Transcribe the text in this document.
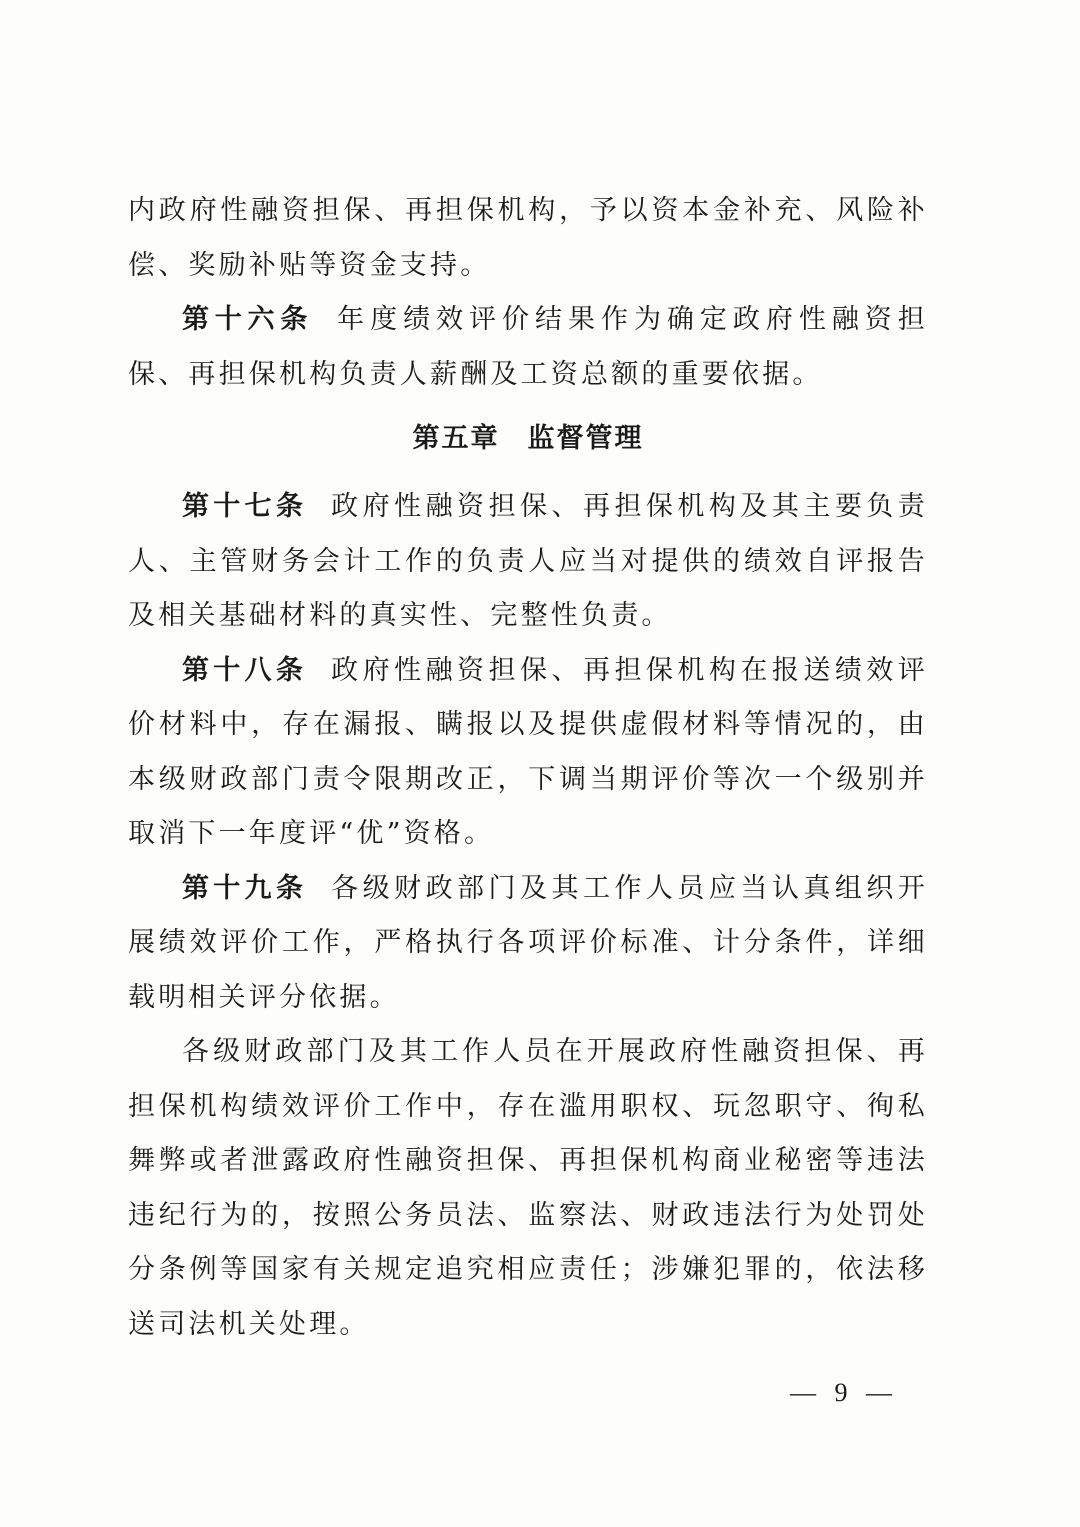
内政府性融资担保、再担保机构，予以资本金补充、风险补偿、奖励补贴等资金支持。

第十六条 年度绩效评价结果作为确定政府性融资担保、再担保机构负责人薪酬及工资总额的重要依据。

第五章 监督管理

第十七条 政府性融资担保、再担保机构及其主要负责人、主管财务会计工作的负责人应当对提供的绩效自评报告及相关基础材料的真实性、完整性负责。

第十八条 政府性融资担保、再担保机构在报送绩效评价材料中，存在漏报、瞒报以及提供虚假材料等情况的，由本级财政部门责令限期改正，下调当期评价等次一个级别并取消下一年度评“优”资格。

第十九条 各级财政部门及其工作人员应当认真组织开展绩效评价工作，严格执行各项评价标准、计分条件，详细载明相关评分依据。

各级财政部门及其工作人员在开展政府性融资担保、再担保机构绩效评价工作中，存在滥用职权、玩忽职守、徇私舞弊或者泄露政府性融资担保、再担保机构商业秘密等违法违纪行为的，按照公务员法、监察法、财政违法行为处罚处分条例等国家有关规定追究相应责任；涉嫌犯罪的，依法移送司法机关处理。

— 9 —
